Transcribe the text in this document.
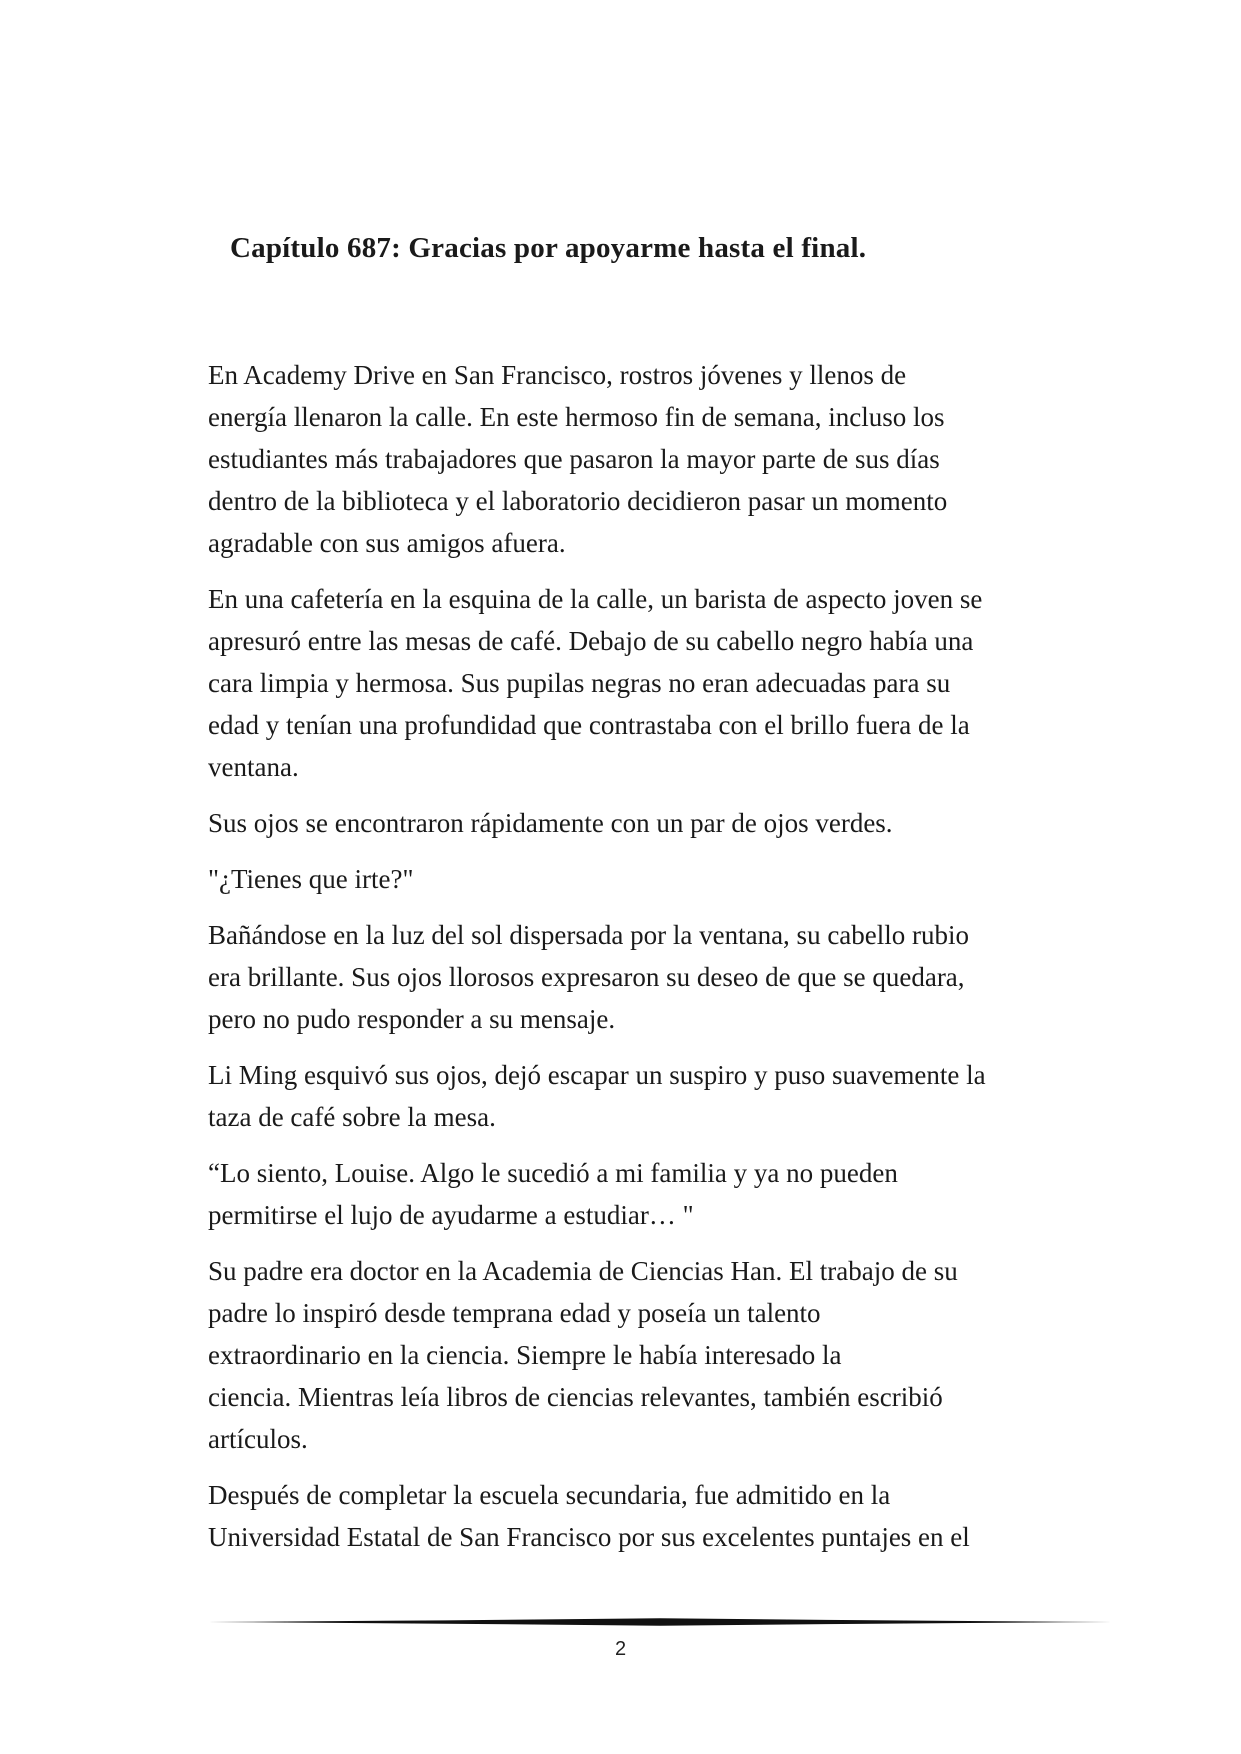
Capítulo 687: Gracias por apoyarme hasta el final.
En Academy Drive en San Francisco, rostros jóvenes y llenos de
energía llenaron la calle. En este hermoso fin de semana, incluso los
estudiantes más trabajadores que pasaron la mayor parte de sus días
dentro de la biblioteca y el laboratorio decidieron pasar un momento
agradable con sus amigos afuera.
En una cafetería en la esquina de la calle, un barista de aspecto joven se
apresuró entre las mesas de café. Debajo de su cabello negro había una
cara limpia y hermosa. Sus pupilas negras no eran adecuadas para su
edad y tenían una profundidad que contrastaba con el brillo fuera de la
ventana.
Sus ojos se encontraron rápidamente con un par de ojos verdes.
"¿Tienes que irte?"
Bañándose en la luz del sol dispersada por la ventana, su cabello rubio
era brillante. Sus ojos llorosos expresaron su deseo de que se quedara,
pero no pudo responder a su mensaje.
Li Ming esquivó sus ojos, dejó escapar un suspiro y puso suavemente la
taza de café sobre la mesa.
“Lo siento, Louise. Algo le sucedió a mi familia y ya no pueden
permitirse el lujo de ayudarme a estudiar… "
Su padre era doctor en la Academia de Ciencias Han. El trabajo de su
padre lo inspiró desde temprana edad y poseía un talento
extraordinario en la ciencia. Siempre le había interesado la
ciencia. Mientras leía libros de ciencias relevantes, también escribió
artículos.
Después de completar la escuela secundaria, fue admitido en la
Universidad Estatal de San Francisco por sus excelentes puntajes en el
2
